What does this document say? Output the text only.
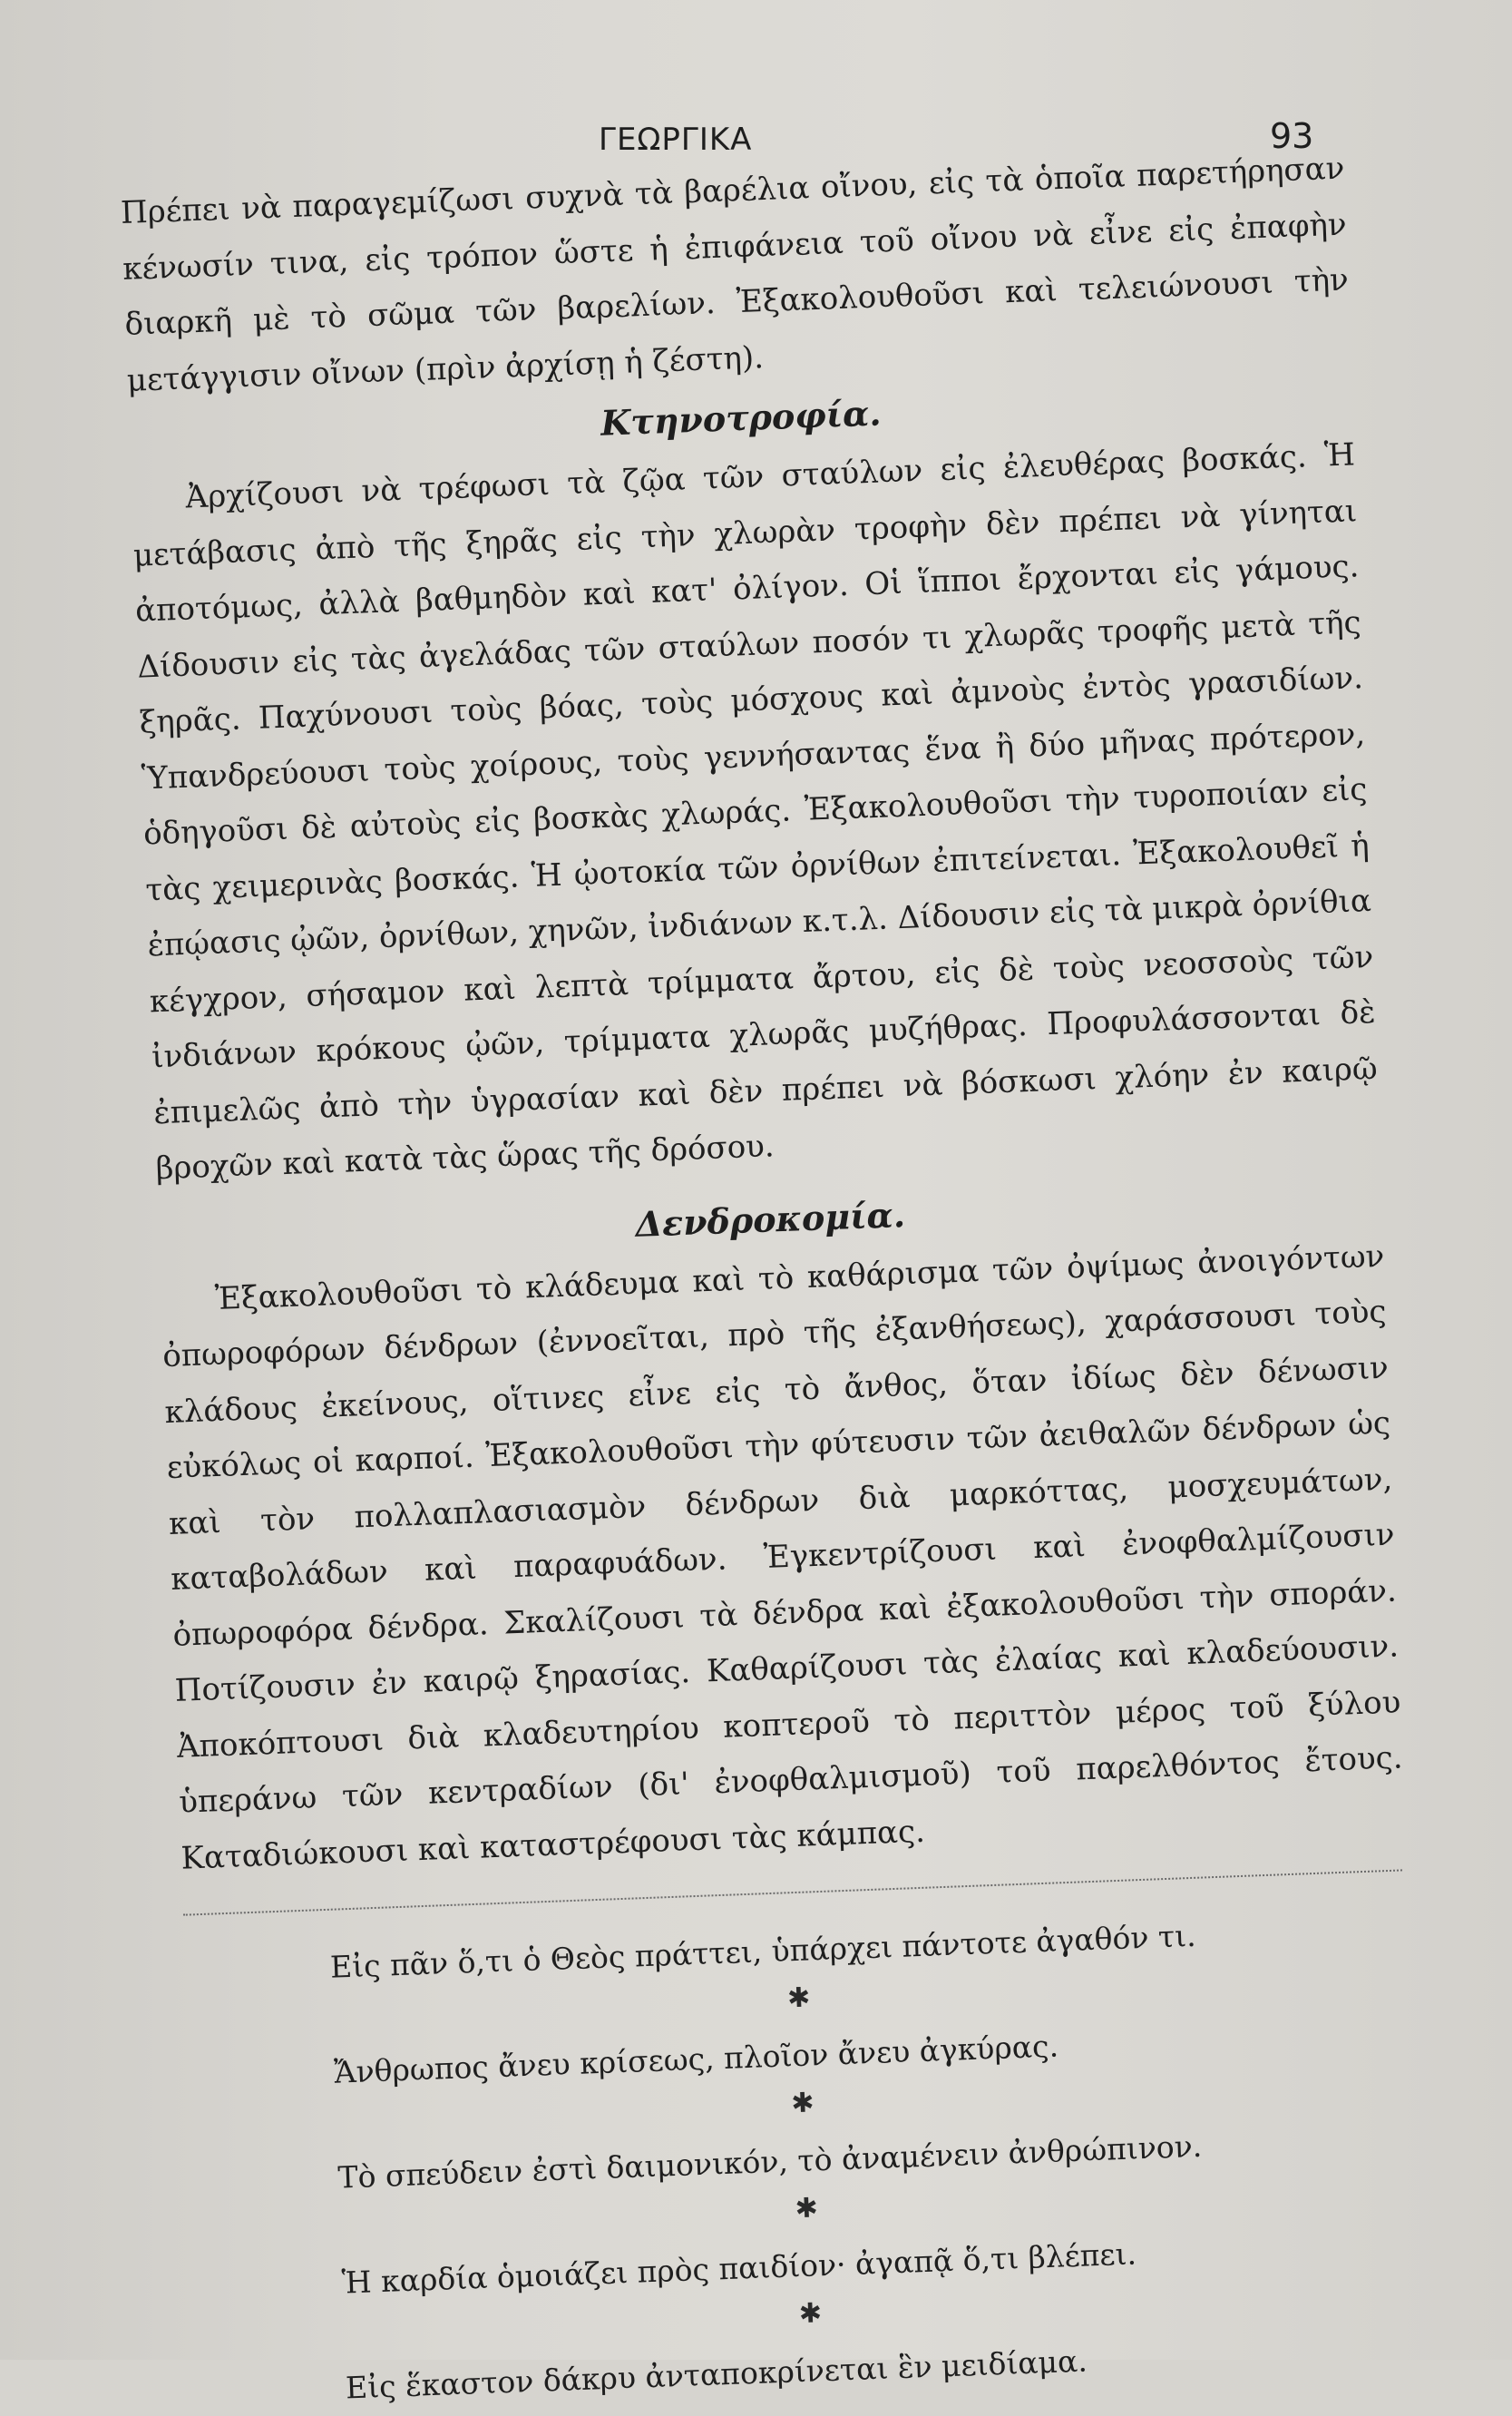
ΓΕΩΡΓΙΚΑ	93

Πρέπει νὰ παραγεμίζωσι συχνὰ τὰ βαρέλια οἴνου, εἰς τὰ ὁποῖα παρετήρησαν κένωσίν τινα, εἰς τρόπον ὥστε ἡ ἐπιφάνεια τοῦ οἴνου νὰ εἶνε εἰς ἐπαφὴν διαρκῆ μὲ τὸ σῶμα τῶν βαρελίων. Ἐξακολουθοῦσι καὶ τελειώνουσι τὴν μετάγγισιν οἴνων (πρὶν ἀρχίσῃ ἡ ζέστη).

Κτηνοτροφία.

Ἀρχίζουσι νὰ τρέφωσι τὰ ζῷα τῶν σταύλων εἰς ἐλευθέρας βοσκάς. Ἡ μετάβασις ἀπὸ τῆς ξηρᾶς εἰς τὴν χλωρὰν τροφὴν δὲν πρέπει νὰ γίνηται ἀποτόμως, ἀλλὰ βαθμηδὸν καὶ κατ' ὀλίγον. Οἱ ἵπποι ἔρχονται εἰς γάμους. Δίδουσιν εἰς τὰς ἀγελάδας τῶν σταύλων ποσόν τι χλωρᾶς τροφῆς μετὰ τῆς ξηρᾶς. Παχύνουσι τοὺς βόας, τοὺς μόσχους καὶ ἀμνοὺς ἐντὸς γρασιδίων. Ὑπανδρεύουσι τοὺς χοίρους, τοὺς γεννήσαντας ἕνα ἢ δύο μῆνας πρότερον, ὁδηγοῦσι δὲ αὐτοὺς εἰς βοσκὰς χλωράς. Ἐξακολουθοῦσι τὴν τυροποιίαν εἰς τὰς χειμερινὰς βοσκάς. Ἡ ᾠοτοκία τῶν ὀρνίθων ἐπιτείνεται. Ἐξακολουθεῖ ἡ ἐπῴασις ᾠῶν, ὀρνίθων, χηνῶν, ἰνδιάνων κ.τ.λ. Δίδουσιν εἰς τὰ μικρὰ ὀρνίθια κέγχρον, σήσαμον καὶ λεπτὰ τρίμματα ἄρτου, εἰς δὲ τοὺς νεοσσοὺς τῶν ἰνδιάνων κρόκους ᾠῶν, τρίμματα χλωρᾶς μυζήθρας. Προφυλάσσονται δὲ ἐπιμελῶς ἀπὸ τὴν ὑγρασίαν καὶ δὲν πρέπει νὰ βόσκωσι χλόην ἐν καιρῷ βροχῶν καὶ κατὰ τὰς ὥρας τῆς δρόσου.

Δενδροκομία.

Ἐξακολουθοῦσι τὸ κλάδευμα καὶ τὸ καθάρισμα τῶν ὀψίμως ἀνοιγόντων ὀπωροφόρων δένδρων (ἐννοεῖται, πρὸ τῆς ἐξανθήσεως), χαράσσουσι τοὺς κλάδους ἐκείνους, οἵτινες εἶνε εἰς τὸ ἄνθος, ὅταν ἰδίως δὲν δένωσιν εὐκόλως οἱ καρποί. Ἐξακολουθοῦσι τὴν φύτευσιν τῶν ἀειθαλῶν δένδρων ὡς καὶ τὸν πολλαπλασιασμὸν δένδρων διὰ μαρκόττας, μοσχευμάτων, καταβολάδων καὶ παραφυάδων. Ἐγκεντρίζουσι καὶ ἐνοφθαλμίζουσιν ὀπωροφόρα δένδρα. Σκαλίζουσι τὰ δένδρα καὶ ἐξακολουθοῦσι τὴν σποράν. Ποτίζουσιν ἐν καιρῷ ξηρασίας. Καθαρίζουσι τὰς ἐλαίας καὶ κλαδεύουσιν. Ἀποκόπτουσι διὰ κλαδευτηρίου κοπτεροῦ τὸ περιττὸν μέρος τοῦ ξύλου ὑπεράνω τῶν κεντραδίων (δι' ἐνοφθαλμισμοῦ) τοῦ παρελθόντος ἔτους. Καταδιώκουσι καὶ καταστρέφουσι τὰς κάμπας.

Εἰς πᾶν ὅ,τι ὁ Θεὸς πράττει, ὑπάρχει πάντοτε ἀγαθόν τι.

✱

Ἄνθρωπος ἄνευ κρίσεως, πλοῖον ἄνευ ἀγκύρας.

✱

Τὸ σπεύδειν ἐστὶ δαιμονικόν, τὸ ἀναμένειν ἀνθρώπινον.

✱

Ἡ καρδία ὁμοιάζει πρὸς παιδίον· ἀγαπᾷ ὅ,τι βλέπει.

✱

Εἰς ἕκαστον δάκρυ ἀνταποκρίνεται ἓν μειδίαμα.
